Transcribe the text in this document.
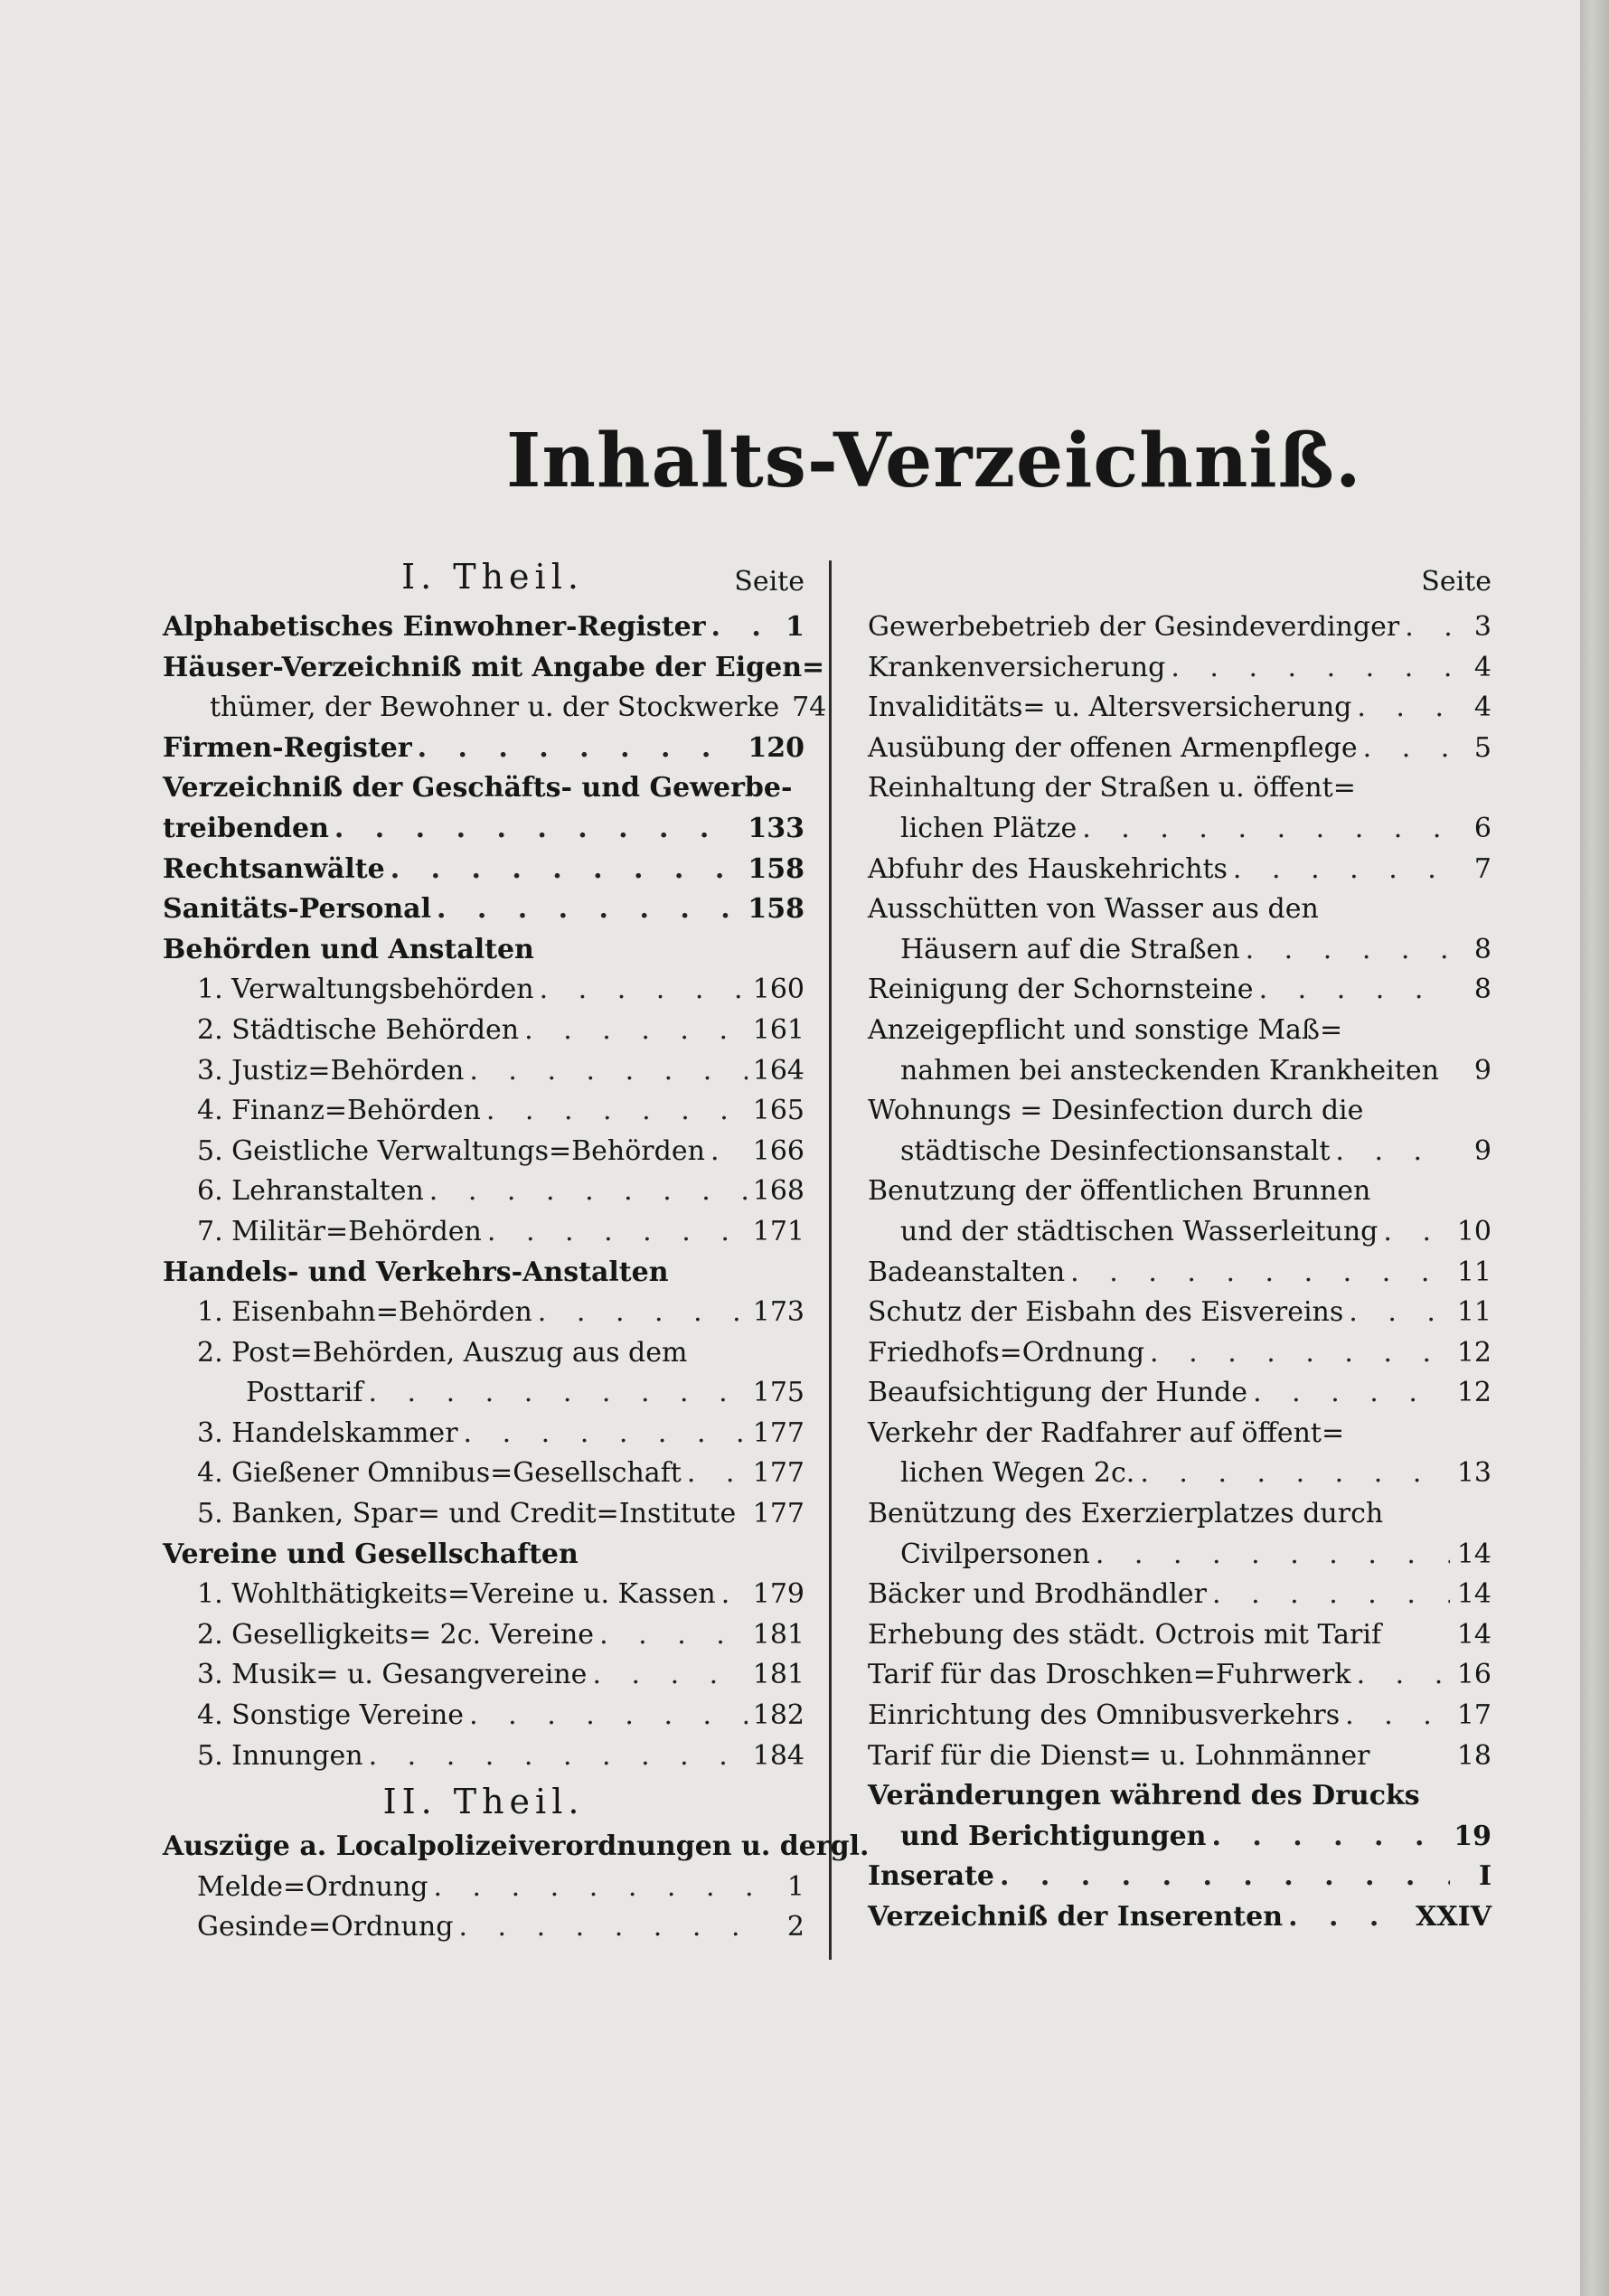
Inhalts-Verzeichniß.
I. Theil.	Seite
Alphabetisches Einwohner-Register . . .	1
Häuser-Verzeichniß mit Angabe der Eigen=
thümer, der Bewohner u. der Stockwerke 74
Firmen-Register . . .	120
Verzeichniß der Geschäfts- und Gewerbe-
treibenden . . .	133
Rechtsanwälte . . .	158
Sanitäts-Personal . . .	158
Behörden und Anstalten
1. Verwaltungsbehörden . . .	160
2. Städtische Behörden . . .	161
3. Justiz=Behörden . . .	164
4. Finanz=Behörden . . .	165
5. Geistliche Verwaltungs=Behörden . . . 166
6. Lehranstalten . . .	168
7. Militär=Behörden . . .	171
Handels- und Verkehrs-Anstalten
1. Eisenbahn=Behörden . . .	173
2. Post=Behörden, Auszug aus dem
Posttarif . . .	175
3. Handelskammer . . .	177
4. Gießener Omnibus=Gesellschaft . . .	177
5. Banken, Spar= und Credit=Institute 177
Vereine und Gesellschaften
1. Wohlthätigkeits=Vereine u. Kassen . . . 179
2. Geselligkeits= 2c. Vereine . . .	181
3. Musik= u. Gesangvereine . . .	181
4. Sonstige Vereine . . .	182
5. Innungen . . .	184
II. Theil.
Auszüge a. Localpolizeiverordnungen u. dergl.
Melde=Ordnung . . .	1
Gesinde=Ordnung . . .	2
Seite
Gewerbebetrieb der Gesindeverdinger . . .	3
Krankenversicherung . . .	4
Invaliditäts= u. Altersversicherung . . .	4
Ausübung der offenen Armenpflege . . .	5
Reinhaltung der Straßen u. öffent=
lichen Plätze . . .	6
Abfuhr des Hauskehrichts . . .	7
Ausschütten von Wasser aus den
Häusern auf die Straßen . . .	8
Reinigung der Schornsteine . . .	8
Anzeigepflicht und sonstige Maß=
nahmen bei ansteckenden Krankheiten	9
Wohnungs = Desinfection durch die
städtische Desinfectionsanstalt . . .	9
Benutzung der öffentlichen Brunnen
und der städtischen Wasserleitung . . .	10
Badeanstalten . . .	11
Schutz der Eisbahn des Eisvereins . . .	11
Friedhofs=Ordnung . . .	12
Beaufsichtigung der Hunde . . .	12
Verkehr der Radfahrer auf öffent=
lichen Wegen 2c. . . .	13
Benützung des Exerzierplatzes durch
Civilpersonen . . .	14
Bäcker und Brodhändler . . .	14
Erhebung des städt. Octrois mit Tarif	14
Tarif für das Droschken=Fuhrwerk . . .	16
Einrichtung des Omnibusverkehrs . . .	17
Tarif für die Dienst= u. Lohnmänner	18
Veränderungen während des Drucks
und Berichtigungen . . .	19
Inserate . . .	I
Verzeichniß der Inserenten . . .	XXIV
